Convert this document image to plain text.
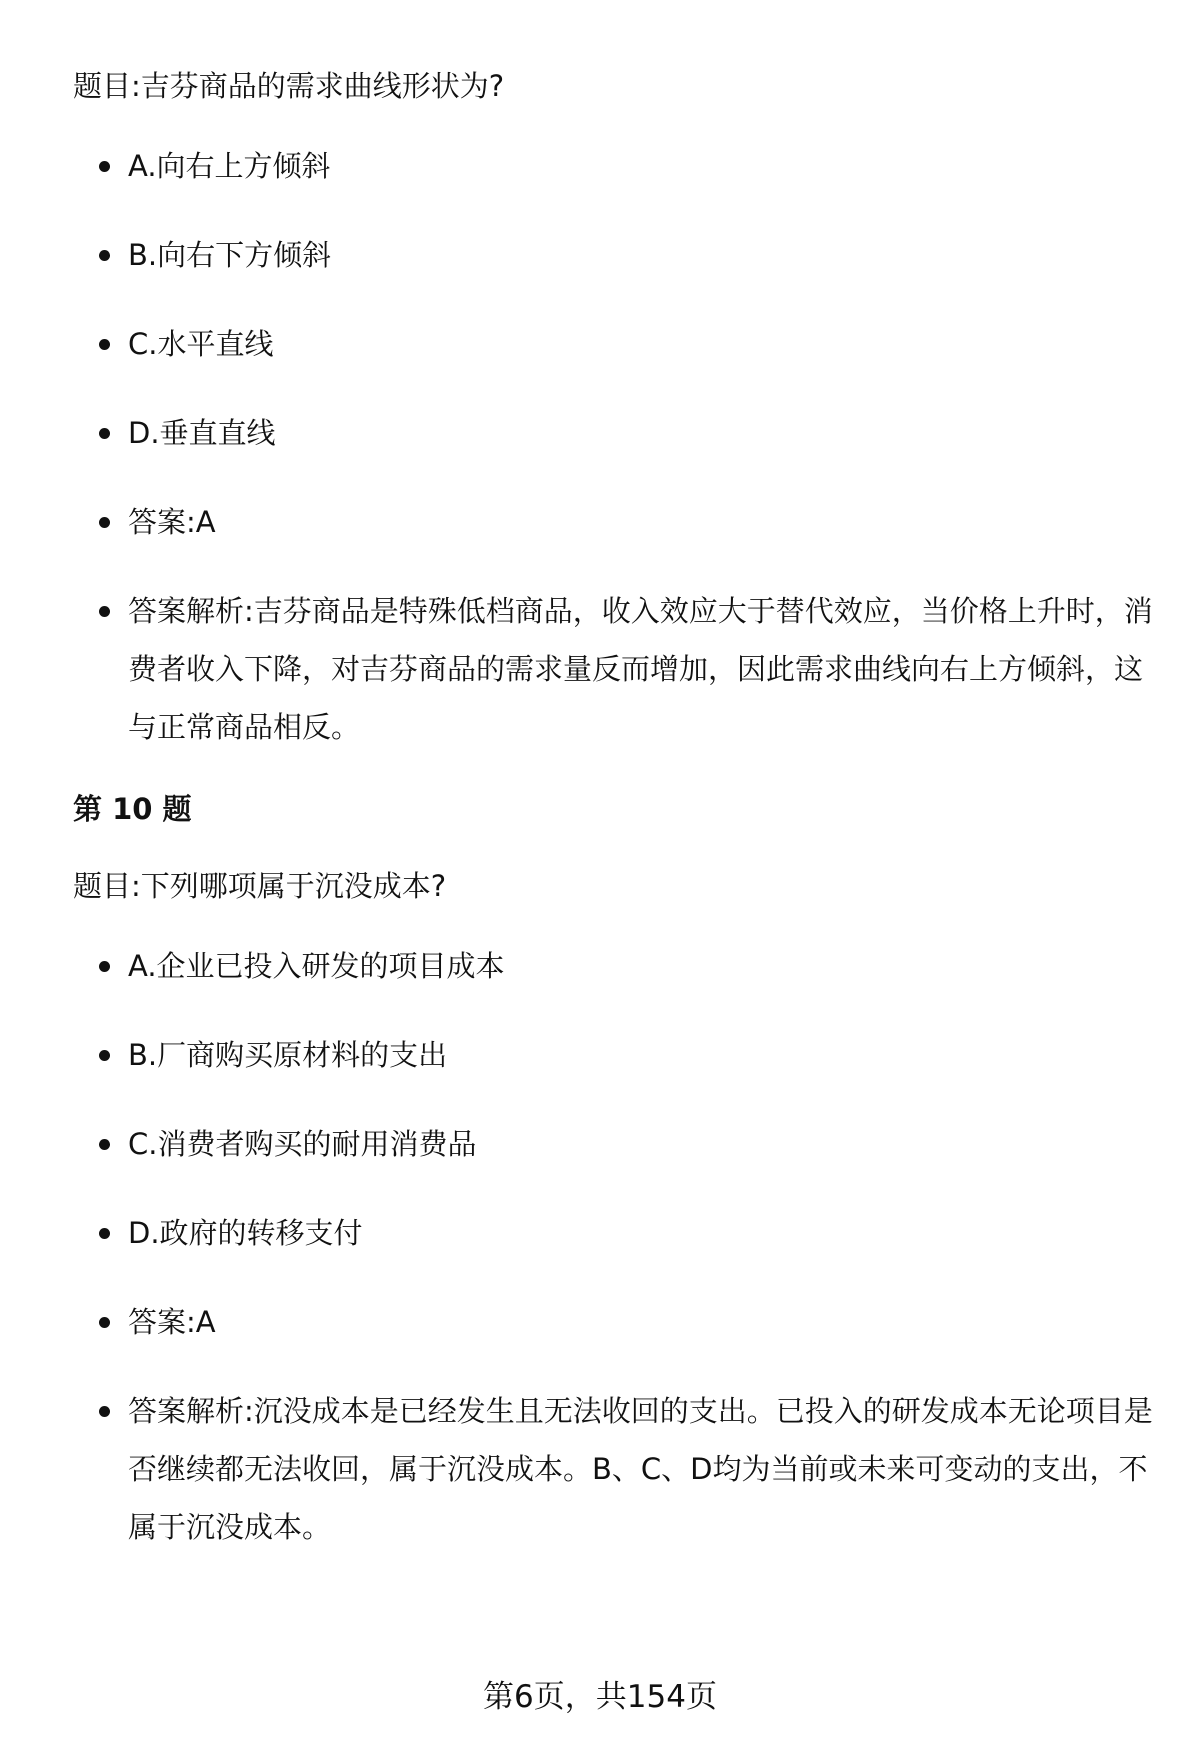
题目:吉芬商品的需求曲线形状为?

A.向右上方倾斜
B.向右下方倾斜
C.水平直线
D.垂直直线
答案:A
答案解析:吉芬商品是特殊低档商品，收入效应大于替代效应，当价格上升时，消费者收入下降，对吉芬商品的需求量反而增加，因此需求曲线向右上方倾斜，这与正常商品相反。
第 10 题

题目:下列哪项属于沉没成本?

A.企业已投入研发的项目成本
B.厂商购买原材料的支出
C.消费者购买的耐用消费品
D.政府的转移支付
答案:A
答案解析:沉没成本是已经发生且无法收回的支出。已投入的研发成本无论项目是否继续都无法收回，属于沉没成本。B、C、D均为当前或未来可变动的支出，不属于沉没成本。
第6页，共154页
